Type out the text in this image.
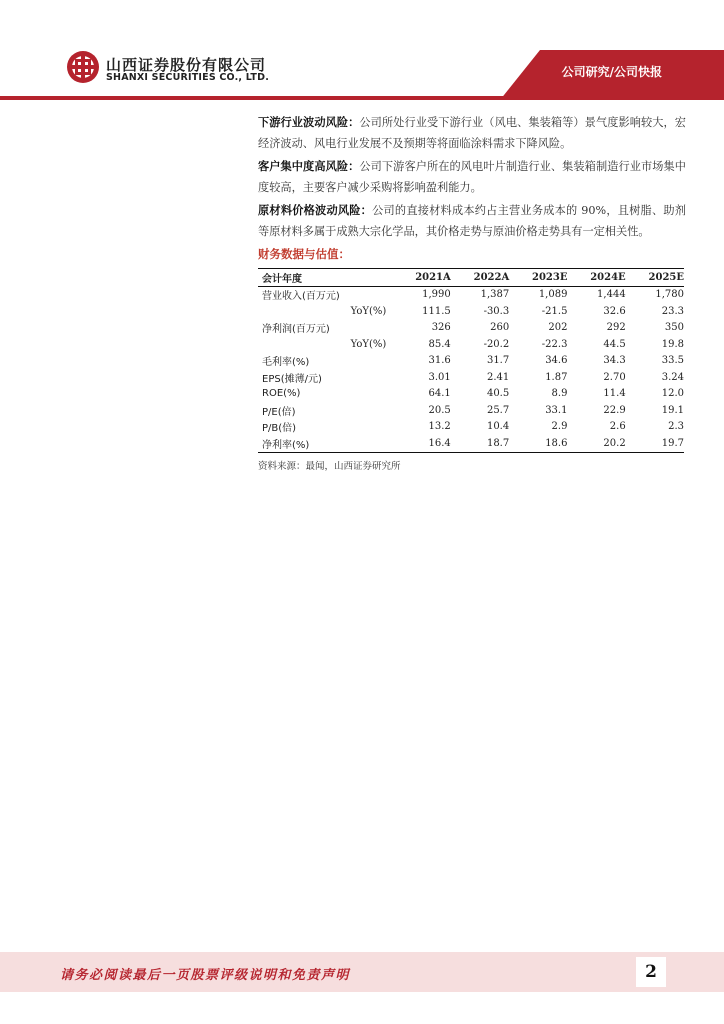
山西证券股份有限公司
SHANXI SECURITIES CO., LTD.	公司研究/公司快报

下游行业波动风险：公司所处行业受下游行业（风电、集装箱等）景气度影响较大，宏经济波动、风电行业发展不及预期等将面临涂料需求下降风险。

客户集中度高风险：公司下游客户所在的风电叶片制造行业、集装箱制造行业市场集中度较高，主要客户减少采购将影响盈利能力。

原材料价格波动风险：公司的直接材料成本约占主营业务成本的 90%，且树脂、助剂等原材料多属于成熟大宗化学品，其价格走势与原油价格走势具有一定相关性。

财务数据与估值：
会计年度	2021A	2022A	2023E	2024E	2025E
营业收入(百万元)	1,990	1,387	1,089	1,444	1,780
YoY(%)	111.5	-30.3	-21.5	32.6	23.3
净利润(百万元)	326	260	202	292	350
YoY(%)	85.4	-20.2	-22.3	44.5	19.8
毛利率(%)	31.6	31.7	34.6	34.3	33.5
EPS(摊薄/元)	3.01	2.41	1.87	2.70	3.24
ROE(%)	64.1	40.5	8.9	11.4	12.0
P/E(倍)	20.5	25.7	33.1	22.9	19.1
P/B(倍)	13.2	10.4	2.9	2.6	2.3
净利率(%)	16.4	18.7	18.6	20.2	19.7
资料来源：最闻，山西证券研究所
请务必阅读最后一页股票评级说明和免责声明	2
